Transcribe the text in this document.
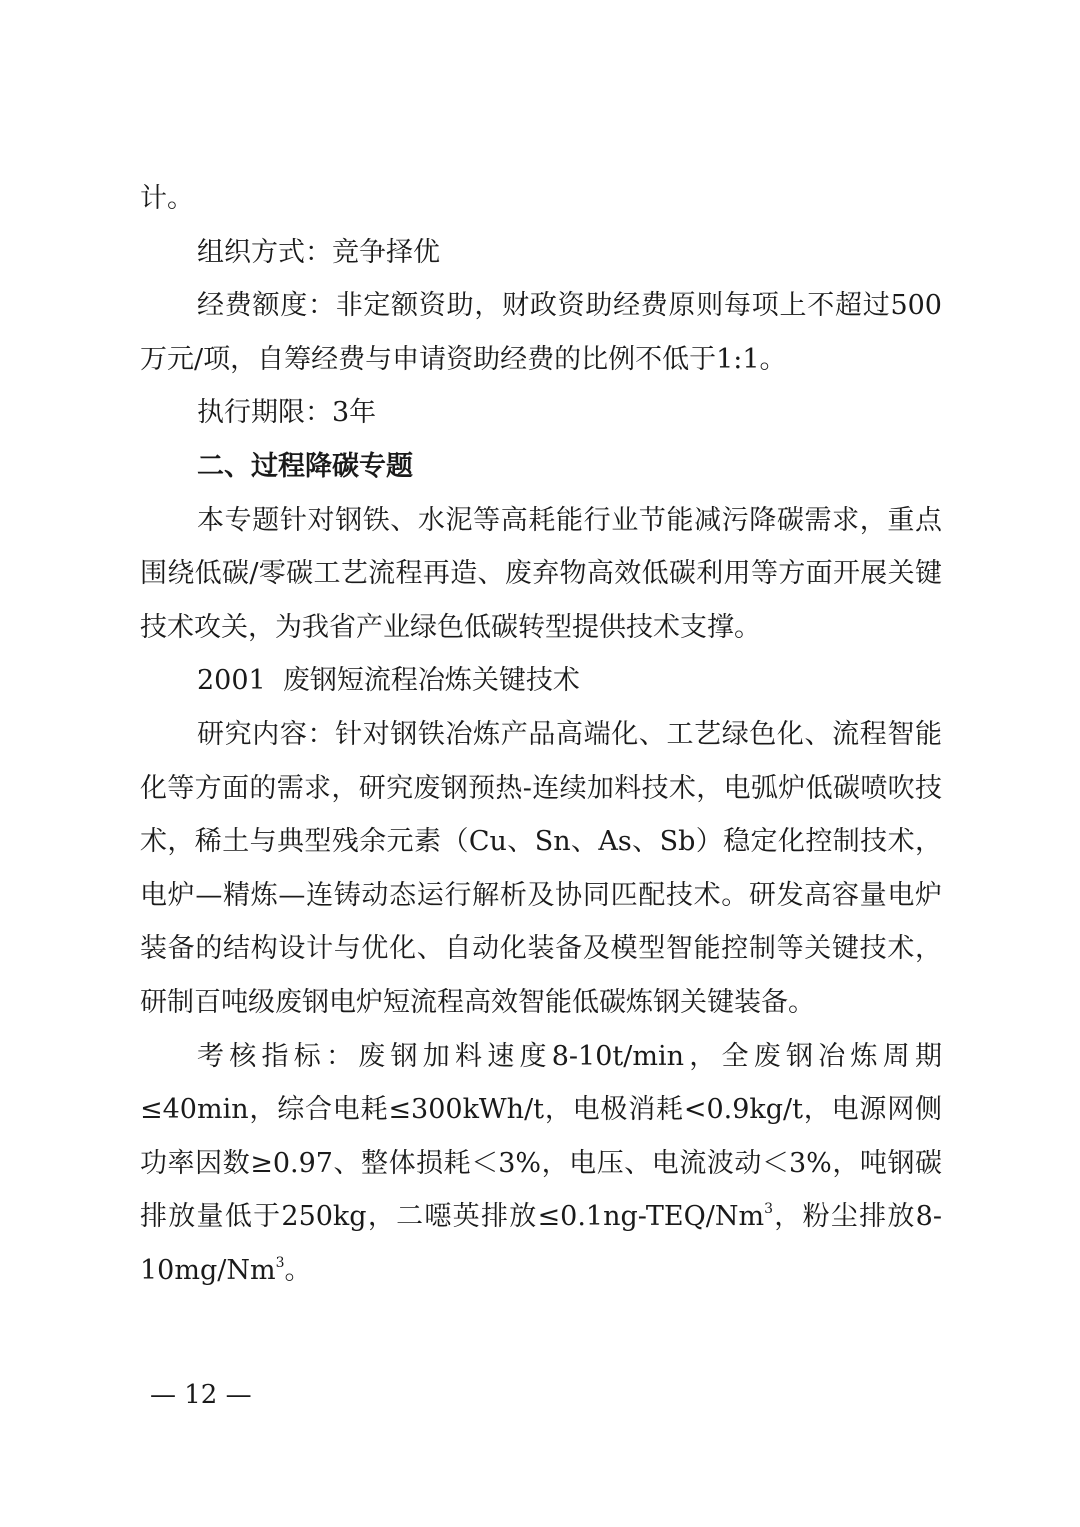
计。

组织方式：竞争择优

经费额度：非定额资助，财政资助经费原则每项上不超过500万元/项，自筹经费与申请资助经费的比例不低于1:1。

执行期限：3年

二、过程降碳专题

本专题针对钢铁、水泥等高耗能行业节能减污降碳需求，重点围绕低碳/零碳工艺流程再造、废弃物高效低碳利用等方面开展关键技术攻关，为我省产业绿色低碳转型提供技术支撑。

2001  废钢短流程冶炼关键技术

研究内容：针对钢铁冶炼产品高端化、工艺绿色化、流程智能化等方面的需求，研究废钢预热-连续加料技术，电弧炉低碳喷吹技术，稀土与典型残余元素（Cu、Sn、As、Sb）稳定化控制技术，电炉—精炼—连铸动态运行解析及协同匹配技术。研发高容量电炉装备的结构设计与优化、自动化装备及模型智能控制等关键技术，研制百吨级废钢电炉短流程高效智能低碳炼钢关键装备。

考核指标：废钢加料速度8-10t/min，全废钢冶炼周期≤40min，综合电耗≤300kWh/t，电极消耗<0.9kg/t，电源网侧功率因数≥0.97、整体损耗＜3%，电压、电流波动＜3%，吨钢碳排放量低于250kg，二噁英排放$\le 0.1ng-TEQ/Nm^3$，粉尘排放8-10mg/Nm$^3$。

— 12 —
